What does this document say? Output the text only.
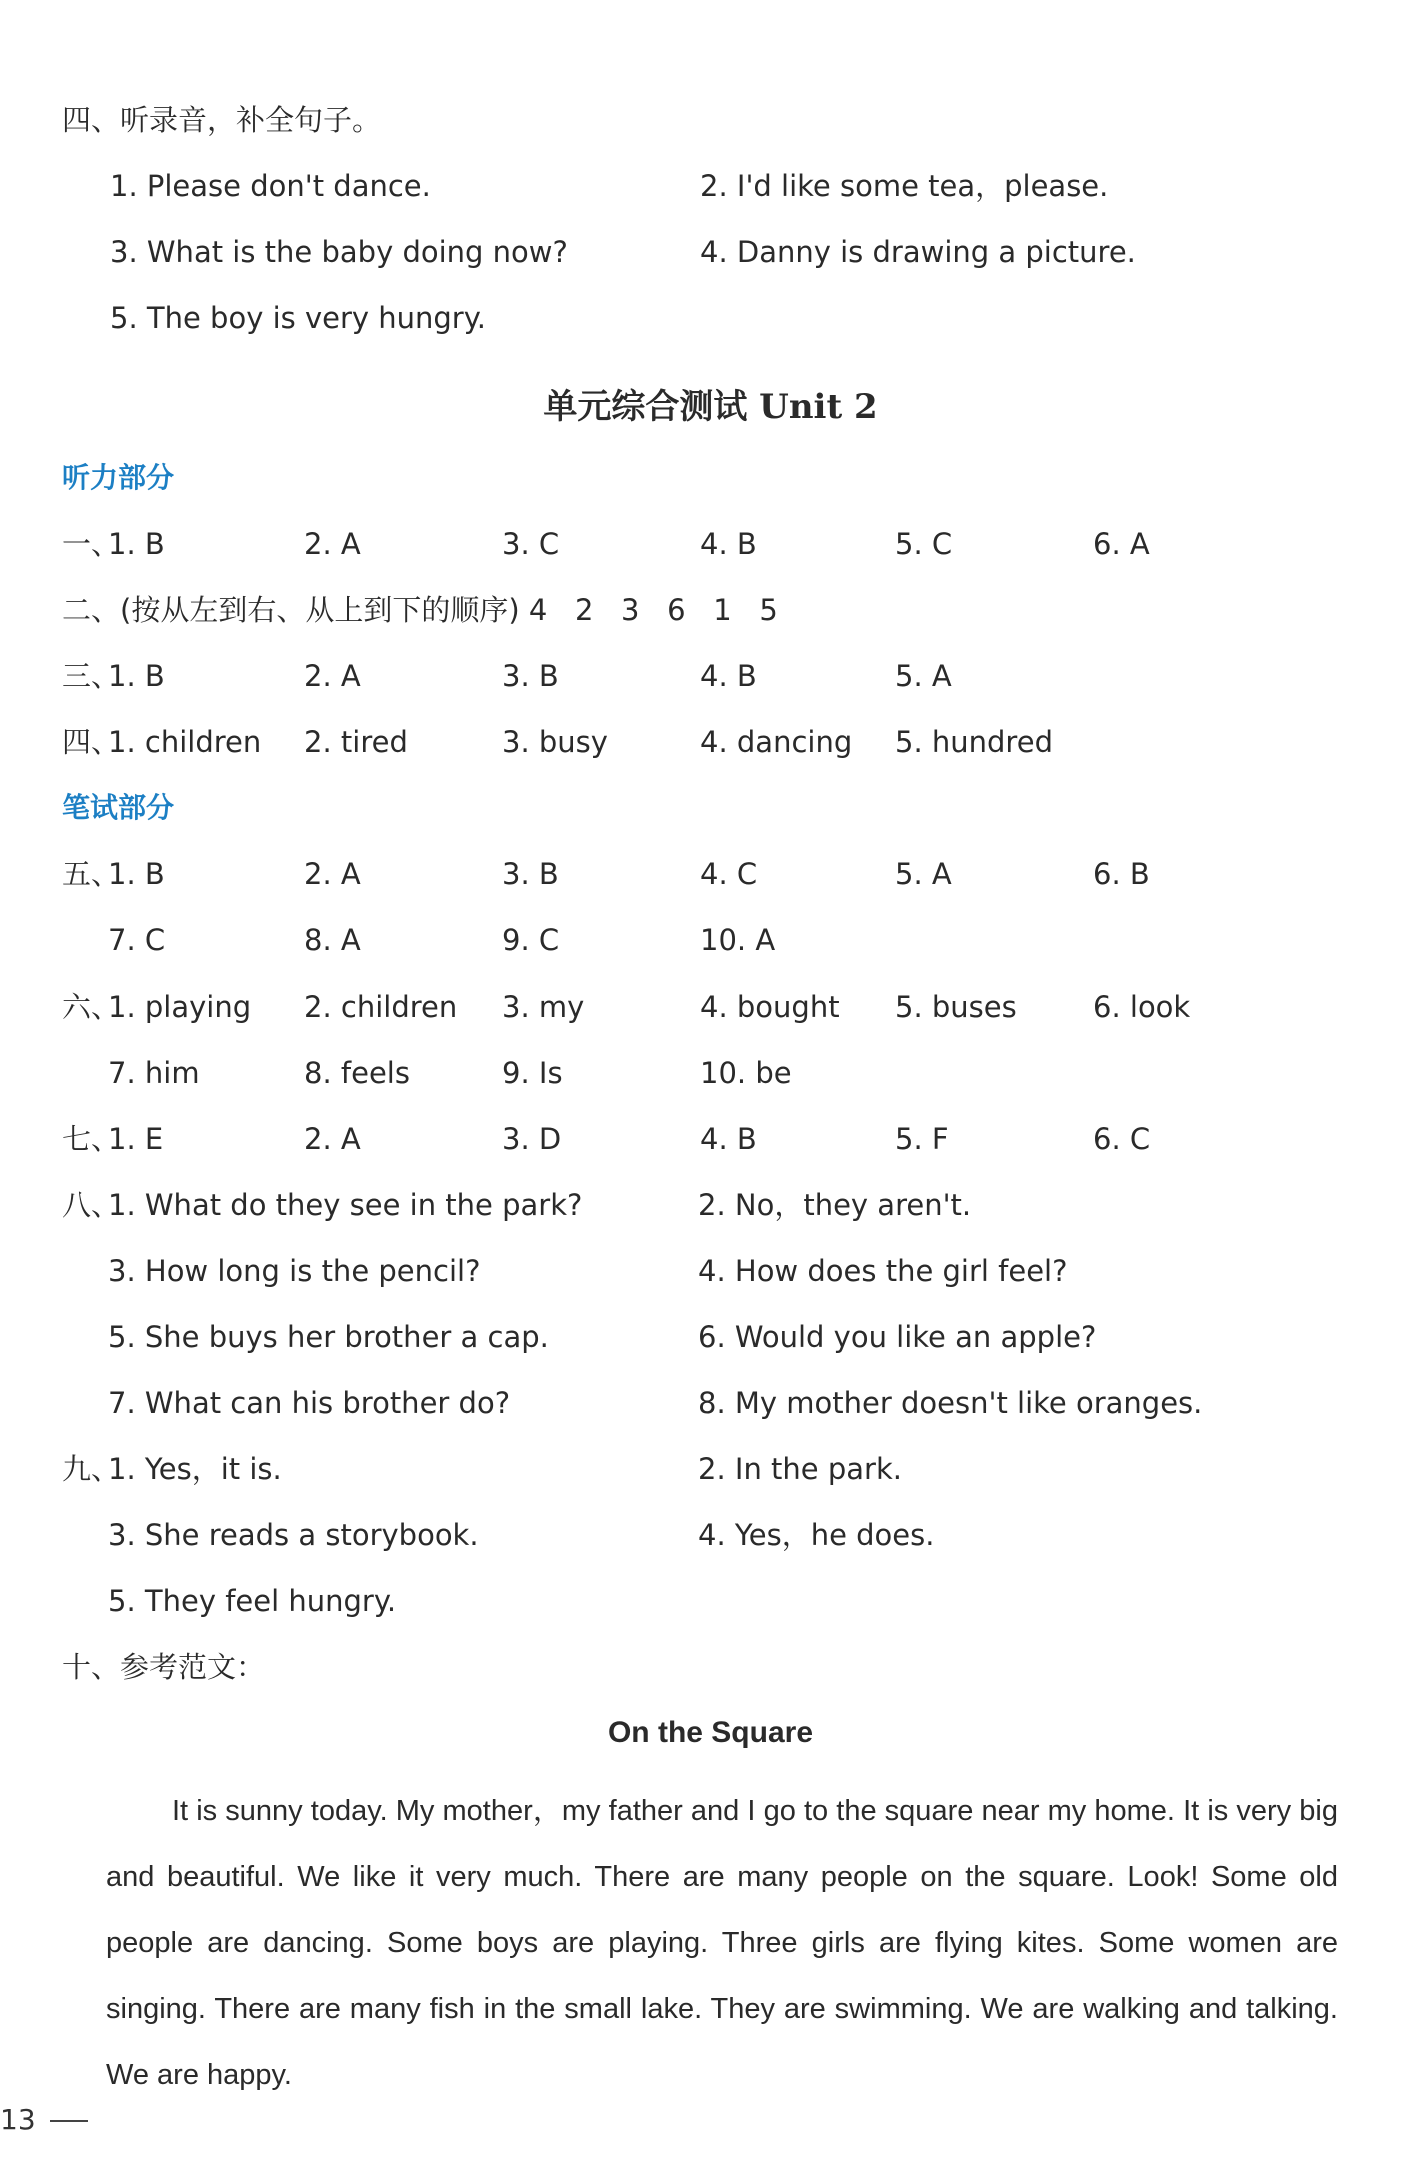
四、听录音，补全句子。
1. Please don't dance.	2. I'd like some tea，please.
3. What is the baby doing now?	4. Danny is drawing a picture.
5. The boy is very hungry.
单元综合测试 Unit 2
听力部分
一、
1. B	2. A	3. C	4. B	5. C	6. A

二、(按从左到右、从上到下的顺序) 4   2   3   6   1   5

三、
1. B	2. A	3. B	4. B	5. A
四、
1. children 2. tired	3. busy	4. dancing 5. hundred
笔试部分
五、
1. B	2. A	3. B	4. C	5. A	6. B
7. C	8. A	9. C	10. A
六、
1. playing 2. children 3. my	4. bought 5. buses	6. look
7. him	8. feels	9. Is	10. be
七、
1. E	2. A	3. D	4. B	5. F	6. C
八、
1. What do they see in the park?	2. No，they aren't.
3. How long is the pencil?	4. How does the girl feel?
5. She buys her brother a cap.	6. Would you like an apple?
7. What can his brother do?	8. My mother doesn't like oranges.
九、
1. Yes，it is.	2. In the park.
3. She reads a storybook.	4. Yes，he does.
5. They feel hungry.
十、参考范文：
On the Square
It is sunny today. My mother，my father and I go to the square near my home. It is very big and beautiful. We like it very much. There are many people on the square. Look! Some old people are dancing. Some boys are playing. Three girls are flying kites. Some women are singing. There are many fish in the small lake. They are swimming. We are walking and talking. We are happy.
13
